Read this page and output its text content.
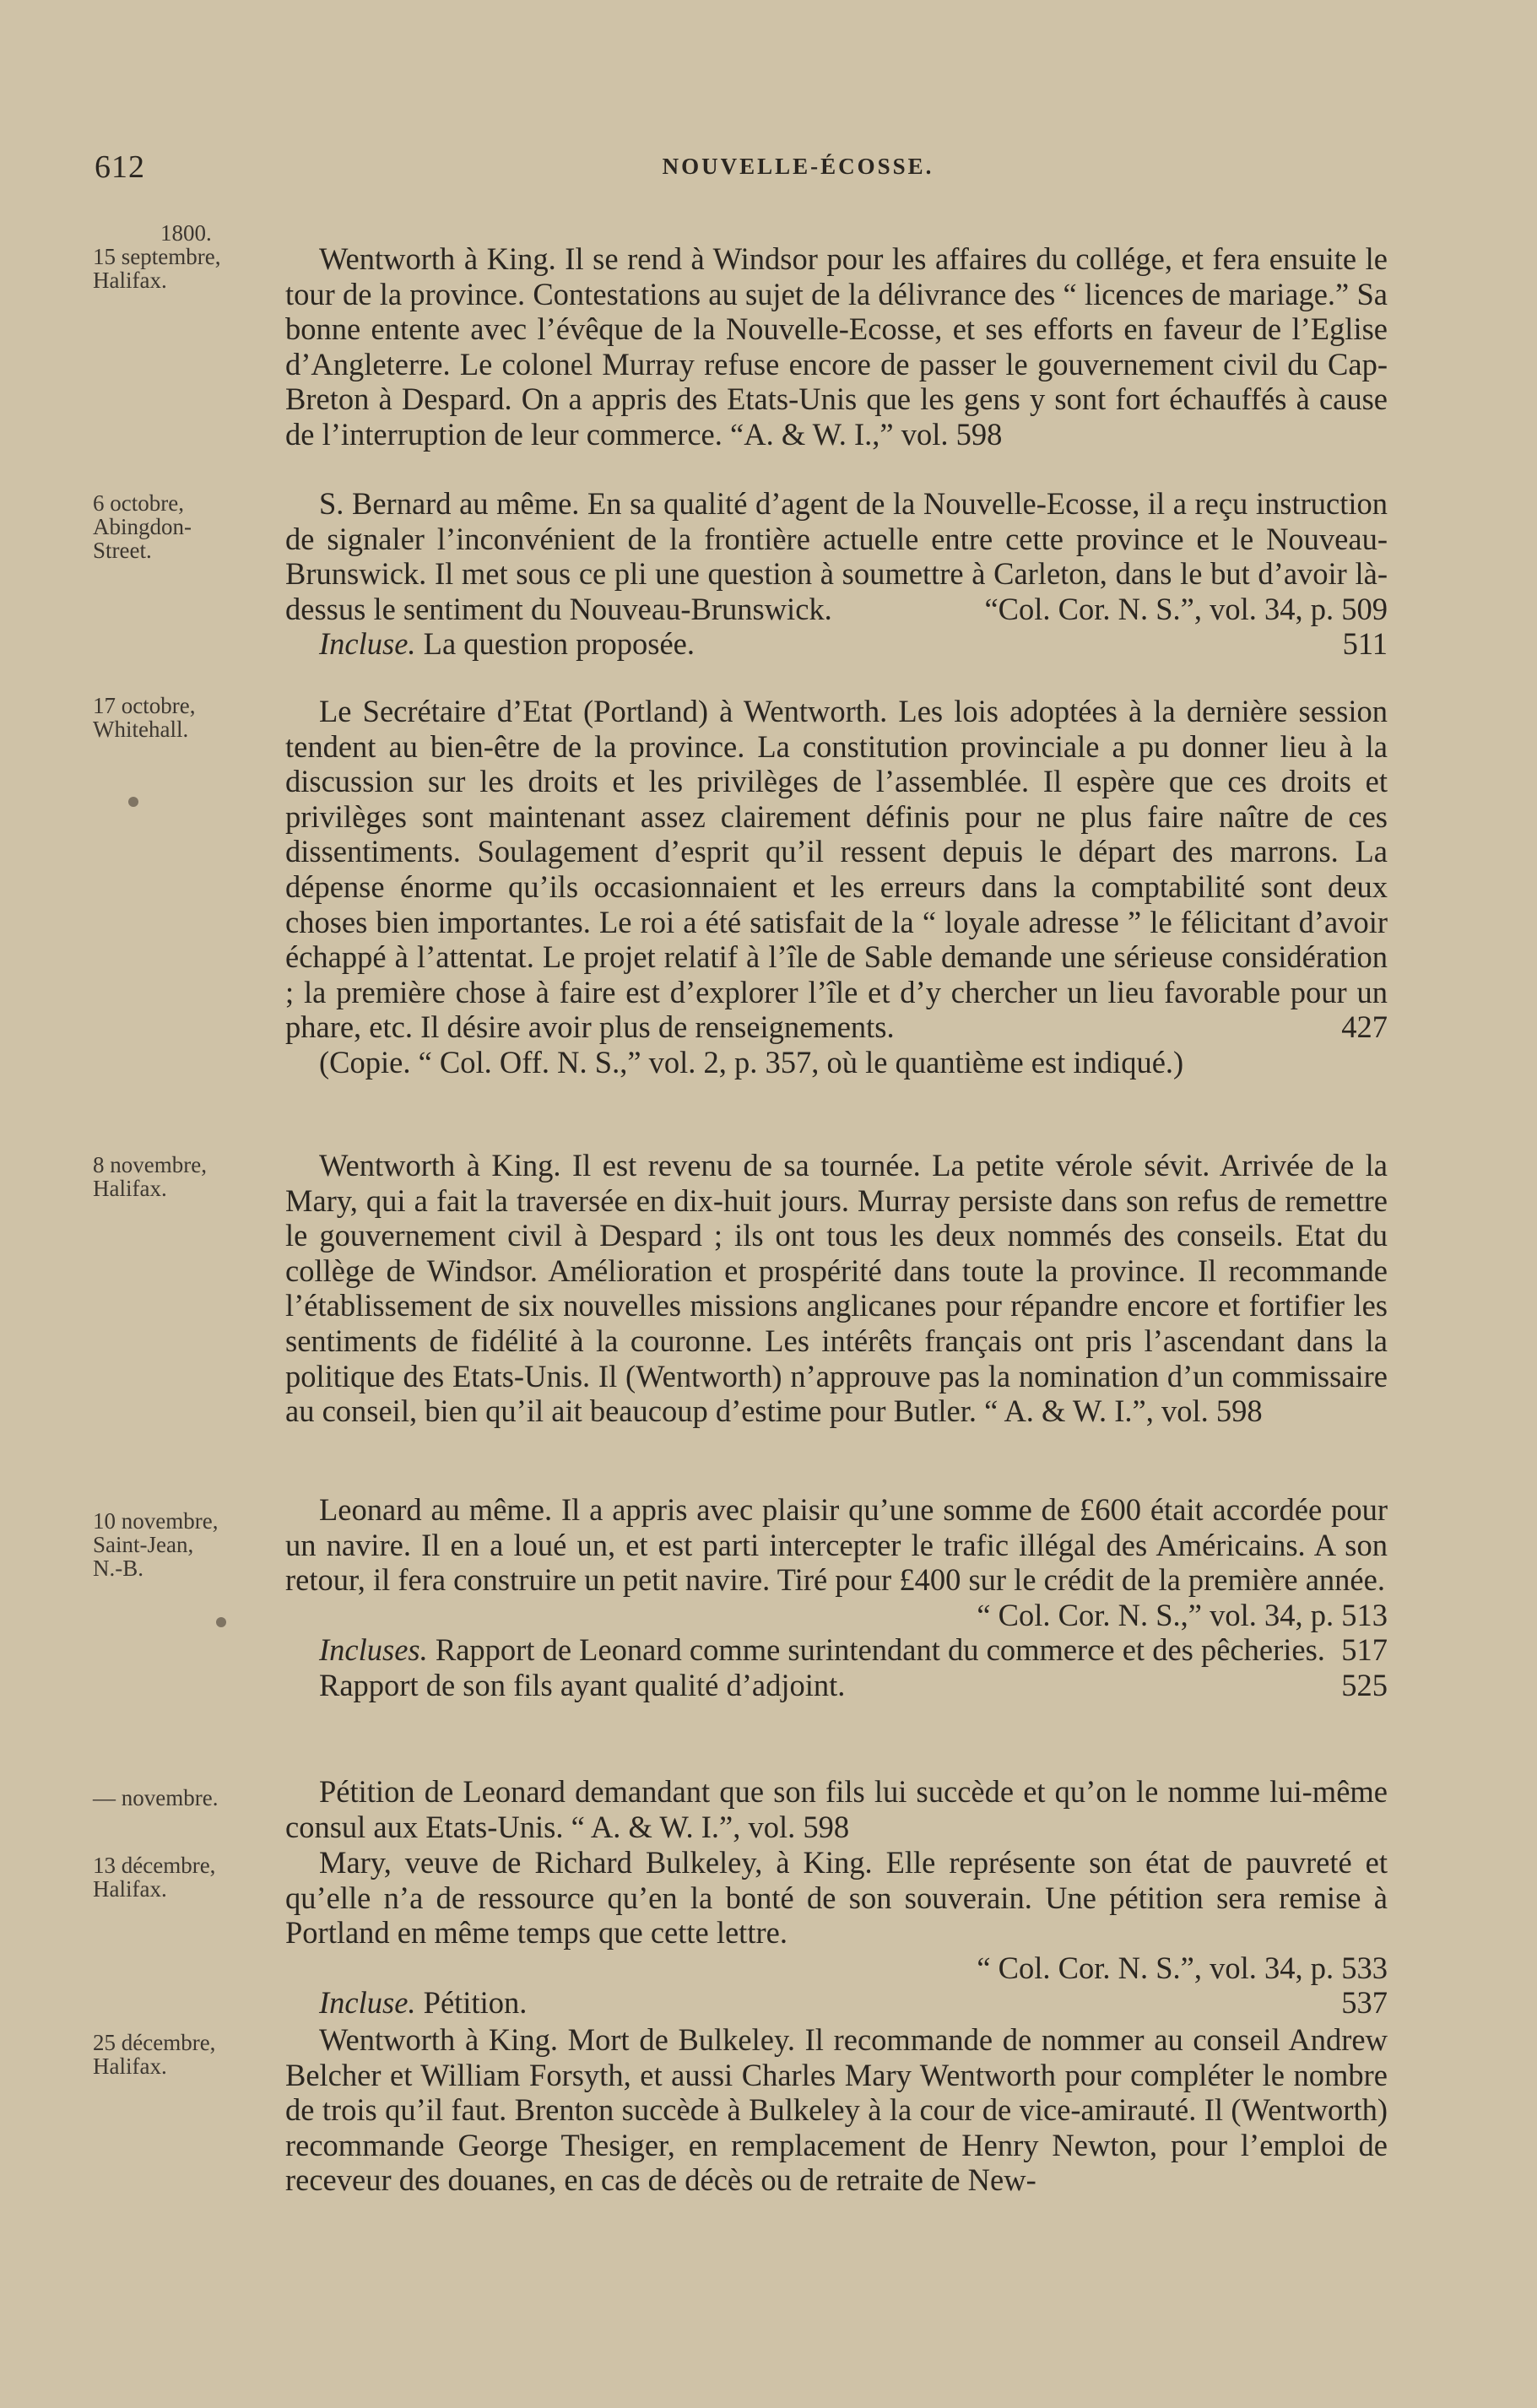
612	NOUVELLE-ÉCOSSE.
1800.
15 septembre,
Halifax.

Wentworth à King. Il se rend à Windsor pour les affaires du collége, et fera ensuite le tour de la province. Contestations au sujet de la délivrance des “ licences de mariage.” Sa bonne entente avec l’évêque de la Nouvelle-Ecosse, et ses efforts en faveur de l’Eglise d’Angleterre. Le colonel Murray refuse encore de passer le gouvernement civil du Cap-Breton à Despard. On a appris des Etats-Unis que les gens y sont fort échauffés à cause de l’interruption de leur commerce. “A. & W. I.,” vol. 598

6 octobre,
Abingdon-
Street.

S. Bernard au même. En sa qualité d’agent de la Nouvelle-Ecosse, il a reçu instruction de signaler l’inconvénient de la frontière actuelle entre cette province et le Nouveau-Brunswick. Il met sous ce pli une question à soumettre à Carleton, dans le but d’avoir là-dessus le sentiment du Nouveau-Brunswick.	“Col. Cor. N. S.”, vol. 34, p. 509

Incluse. La question proposée.	511
17 octobre,
Whitehall.

Le Secrétaire d’Etat (Portland) à Wentworth. Les lois adoptées à la dernière session tendent au bien-être de la province. La constitution provinciale a pu donner lieu à la discussion sur les droits et les privilèges de l’assemblée. Il espère que ces droits et privilèges sont maintenant assez clairement définis pour ne plus faire naître de ces dissentiments. Soulagement d’esprit qu’il ressent depuis le départ des marrons. La dépense énorme qu’ils occasionnaient et les erreurs dans la comptabilité sont deux choses bien importantes. Le roi a été satisfait de la “ loyale adresse ” le félicitant d’avoir échappé à l’attentat. Le projet relatif à l’île de Sable demande une sérieuse considération ; la première chose à faire est d’explorer l’île et d’y chercher un lieu favorable pour un phare, etc. Il désire avoir plus de renseignements.	427

(Copie. “ Col. Off. N. S.,” vol. 2, p. 357, où le quantième est indiqué.)

8 novembre,
Halifax.

Wentworth à King. Il est revenu de sa tournée. La petite vérole sévit. Arrivée de la Mary, qui a fait la traversée en dix-huit jours. Murray persiste dans son refus de remettre le gouvernement civil à Despard ; ils ont tous les deux nommés des conseils. Etat du collège de Windsor. Amélioration et prospérité dans toute la province. Il recommande l’établissement de six nouvelles missions anglicanes pour répandre encore et fortifier les sentiments de fidélité à la couronne. Les intérêts français ont pris l’ascendant dans la politique des Etats-Unis. Il (Wentworth) n’approuve pas la nomination d’un commissaire au conseil, bien qu’il ait beaucoup d’estime pour Butler. “ A. & W. I.”, vol. 598

10 novembre,
Saint-Jean,
N.-B.

Leonard au même. Il a appris avec plaisir qu’une somme de £600 était accordée pour un navire. Il en a loué un, et est parti intercepter le trafic illégal des Américains. A son retour, il fera construire un petit navire. Tiré pour £400 sur le crédit de la première année.

“ Col. Cor. N. S.,” vol. 34, p. 513

Incluses. Rapport de Leonard comme surintendant du commerce et des pêcheries. 517

Rapport de son fils ayant qualité d’adjoint.	525
— novembre.	Pétition de Leonard demandant que son fils lui succède et qu’on le nomme lui-même consul aux Etats-Unis. “ A. & W. I.”, vol. 598

13 décembre,
Halifax.

Mary, veuve de Richard Bulkeley, à King. Elle représente son état de pauvreté et qu’elle n’a de ressource qu’en la bonté de son souverain. Une pétition sera remise à Portland en même temps que cette lettre.

“ Col. Cor. N. S.”, vol. 34, p. 533

Incluse. Pétition.	537
25 décembre,
Halifax.

Wentworth à King. Mort de Bulkeley. Il recommande de nommer au conseil Andrew Belcher et William Forsyth, et aussi Charles Mary Wentworth pour compléter le nombre de trois qu’il faut. Brenton succède à Bulkeley à la cour de vice-amirauté. Il (Wentworth) recommande George Thesiger, en remplacement de Henry Newton, pour l’emploi de receveur des douanes, en cas de décès ou de retraite de New-
